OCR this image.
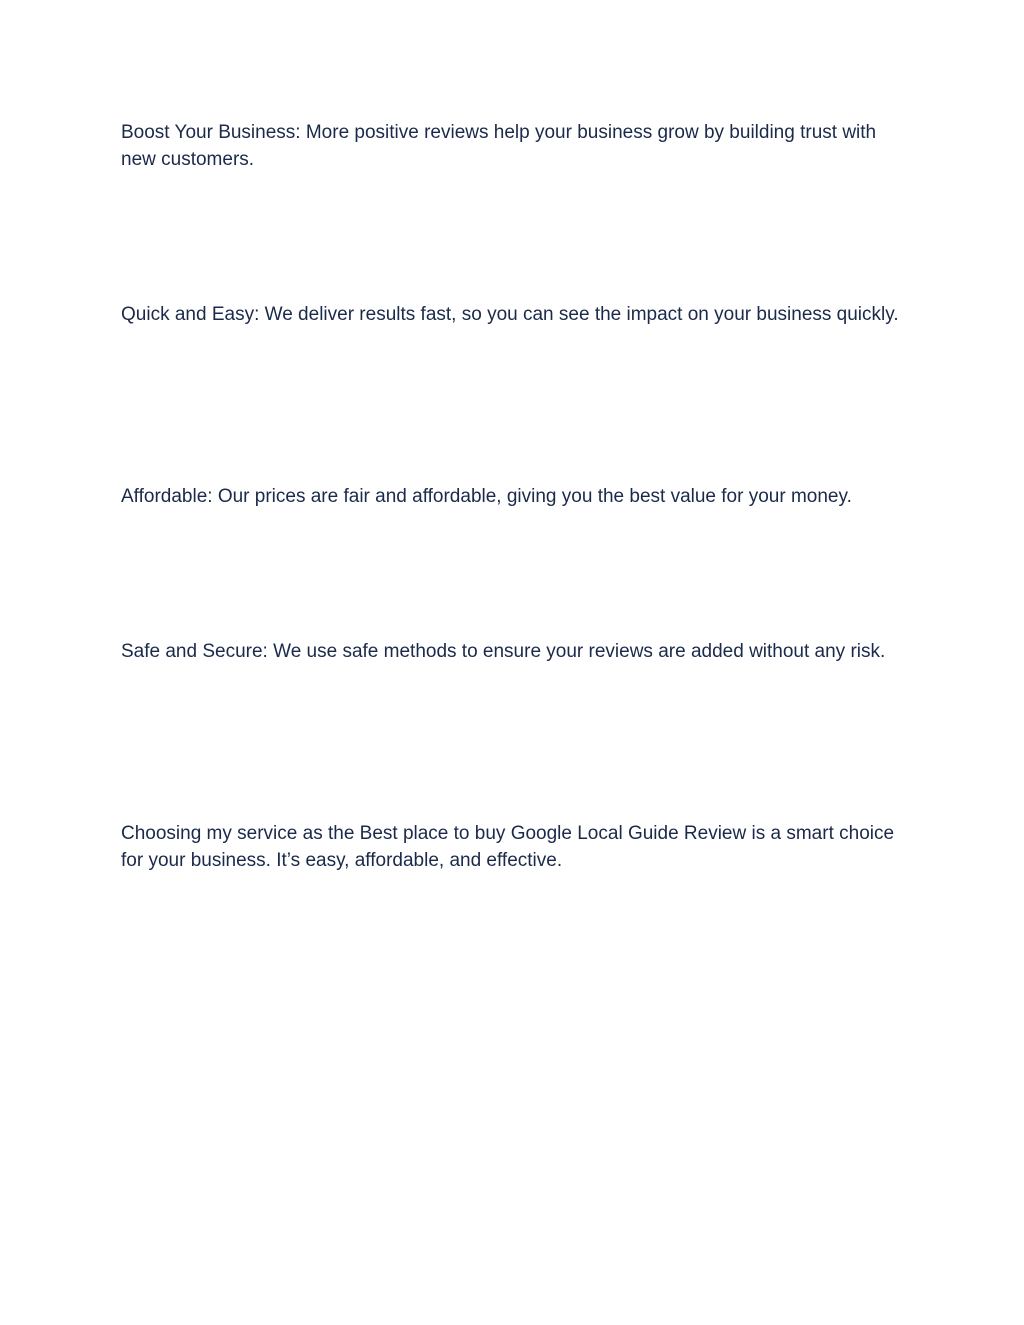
Boost Your Business: More positive reviews help your business grow by building trust with new customers.

Quick and Easy: We deliver results fast, so you can see the impact on your business quickly.

Affordable: Our prices are fair and affordable, giving you the best value for your money.

Safe and Secure: We use safe methods to ensure your reviews are added without any risk.

Choosing my service as the Best place to buy Google Local Guide Review is a smart choice for your business. It’s easy, affordable, and effective.
